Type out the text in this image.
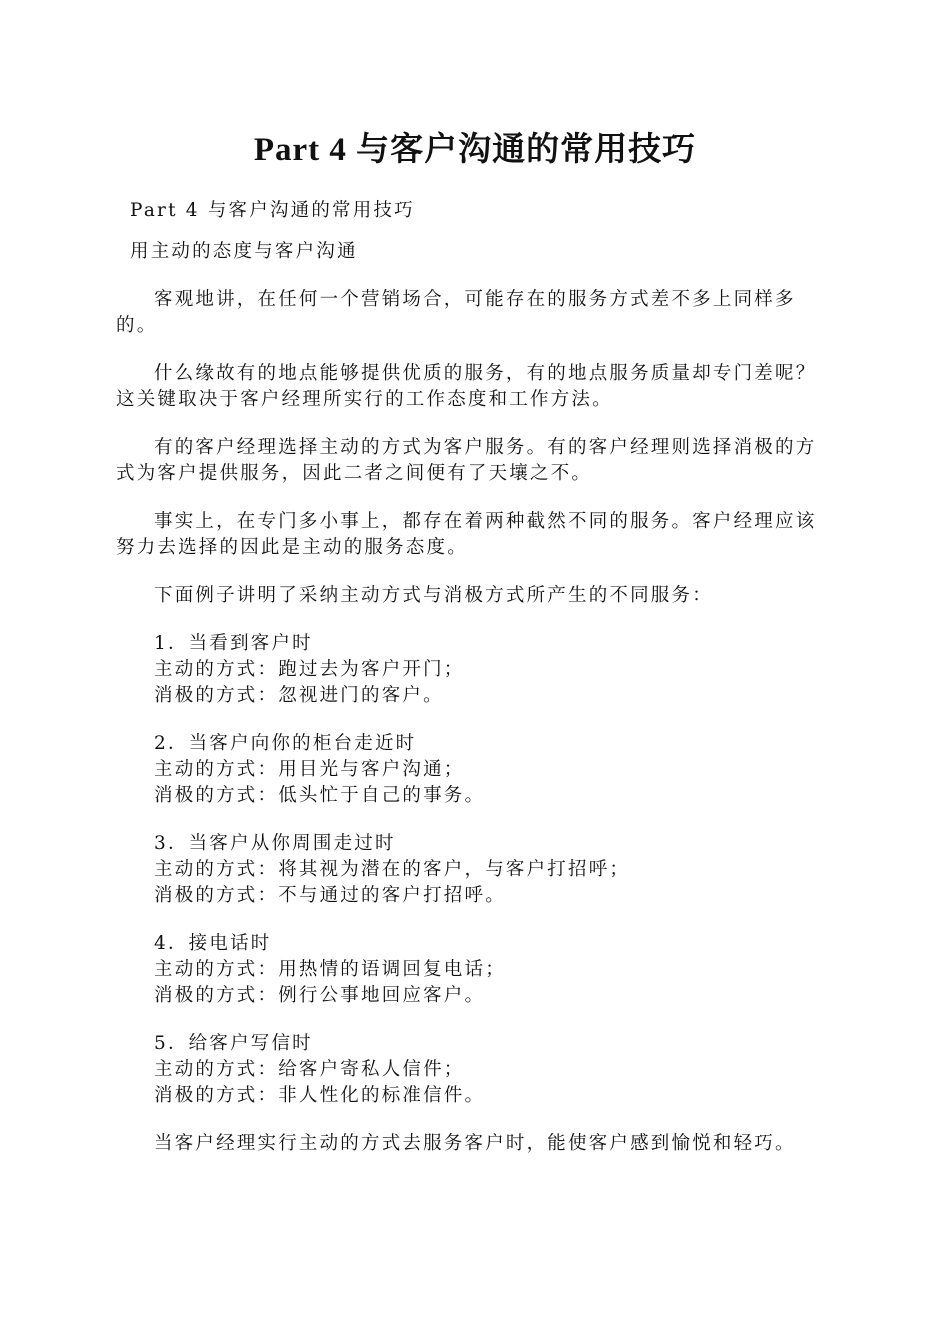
Part 4 与客户沟通的常用技巧

Part 4 与客户沟通的常用技巧

用主动的态度与客户沟通

客观地讲，在任何一个营销场合，可能存在的服务方式差不多上同样多的。

什么缘故有的地点能够提供优质的服务，有的地点服务质量却专门差呢？这关键取决于客户经理所实行的工作态度和工作方法。

有的客户经理选择主动的方式为客户服务。有的客户经理则选择消极的方式为客户提供服务，因此二者之间便有了天壤之不。

事实上，在专门多小事上，都存在着两种截然不同的服务。客户经理应该努力去选择的因此是主动的服务态度。

下面例子讲明了采纳主动方式与消极方式所产生的不同服务：

1．当看到客户时
主动的方式：跑过去为客户开门；
消极的方式：忽视进门的客户。
2．当客户向你的柜台走近时
主动的方式：用目光与客户沟通；
消极的方式：低头忙于自己的事务。
3．当客户从你周围走过时
主动的方式：将其视为潜在的客户，与客户打招呼；
消极的方式：不与通过的客户打招呼。
4．接电话时
主动的方式：用热情的语调回复电话；
消极的方式：例行公事地回应客户。
5．给客户写信时
主动的方式：给客户寄私人信件；
消极的方式：非人性化的标准信件。

当客户经理实行主动的方式去服务客户时，能使客户感到愉悦和轻巧。
